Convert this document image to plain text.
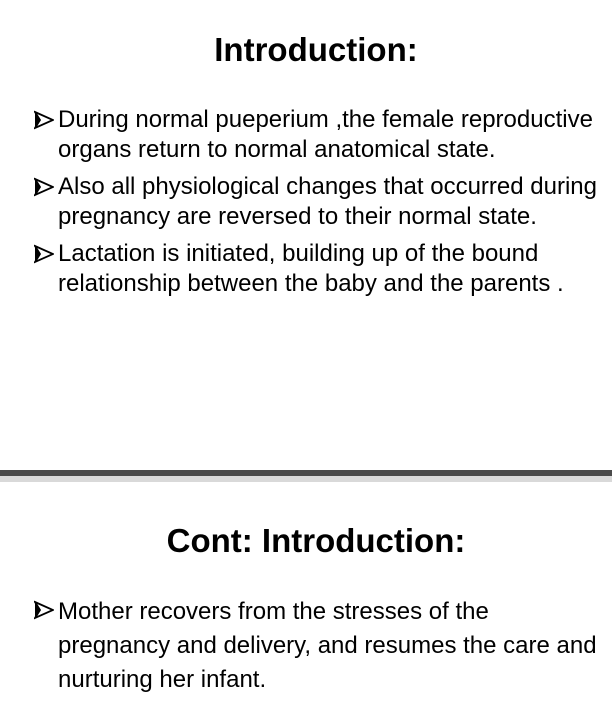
Introduction:
During normal pueperium ,the female reproductive organs return to normal anatomical state.
Also all physiological changes that occurred during pregnancy are reversed to their normal state.
Lactation is initiated, building up of the bound relationship between the baby and the parents .
Cont: Introduction:
Mother recovers from the stresses of the pregnancy and delivery, and resumes the care and nurturing her infant.
